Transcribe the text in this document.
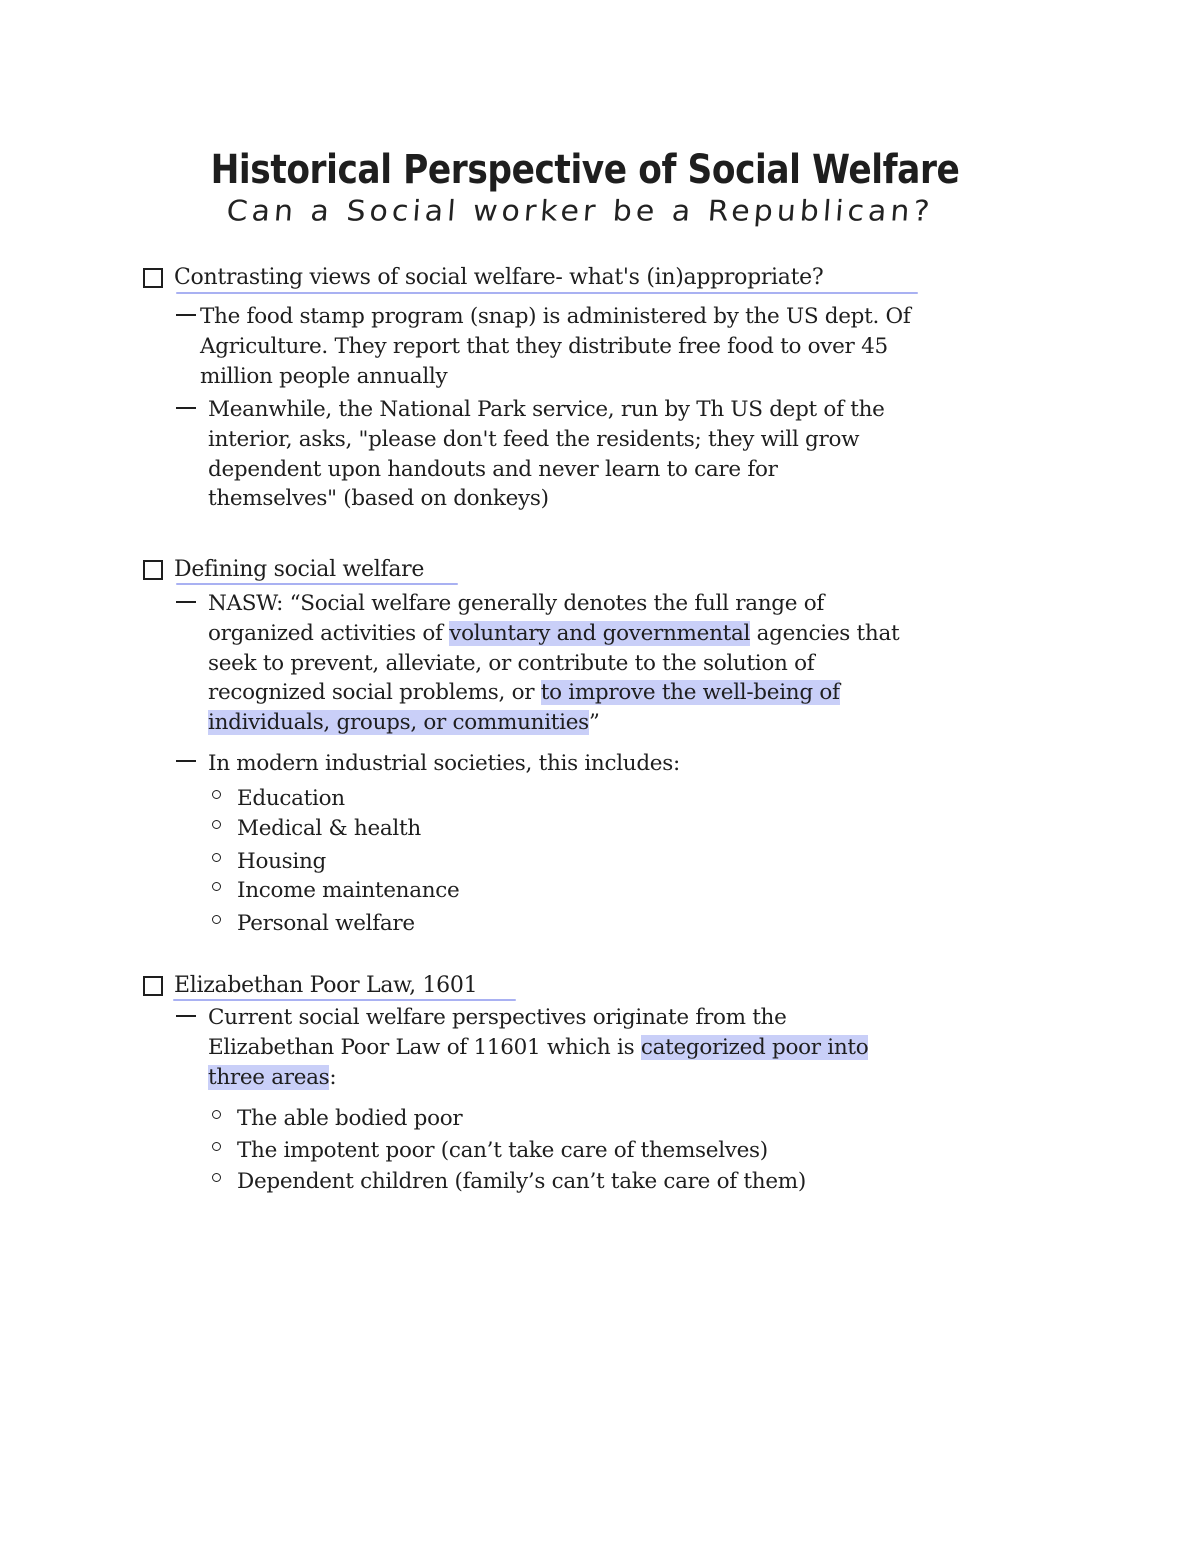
Historical Perspective of Social Welfare
Can a Social worker be a Republican?
Contrasting views of social welfare- what's (in)appropriate?
The food stamp program (snap) is administered by the US dept. Of
Agriculture. They report that they distribute free food to over 45
million people annually
Meanwhile, the National Park service, run by Th US dept of the
interior, asks, "please don't feed the residents; they will grow
dependent upon handouts and never learn to care for
themselves" (based on donkeys)
Defining social welfare
NASW: “Social welfare generally denotes the full range of
organized activities of voluntary and governmental agencies that
seek to prevent, alleviate, or contribute to the solution of
recognized social problems, or to improve the well-being of
individuals, groups, or communities”
In modern industrial societies, this includes:
Education
Medical & health
Housing
Income maintenance
Personal welfare
Elizabethan Poor Law, 1601
Current social welfare perspectives originate from the
Elizabethan Poor Law of 11601 which is categorized poor into
three areas:
The able bodied poor
The impotent poor (can’t take care of themselves)
Dependent children (family’s can’t take care of them)
